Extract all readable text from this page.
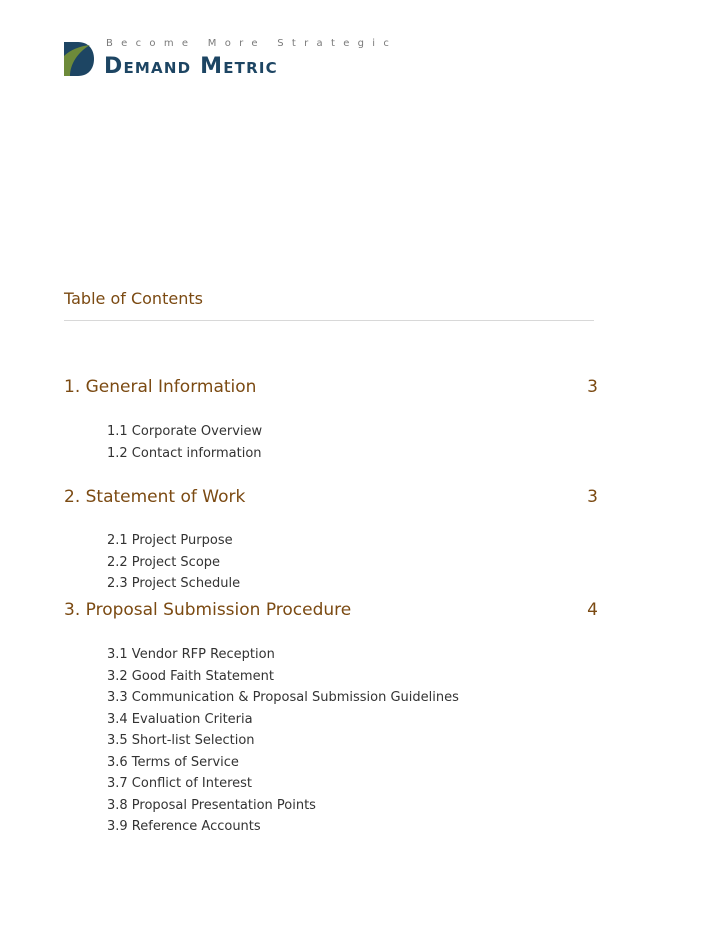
Become More Strategic
Demand Metric
Table of Contents
1. General Information	3
1.1 Corporate Overview
1.2 Contact information
2. Statement of Work	3
2.1 Project Purpose
2.2 Project Scope
2.3 Project Schedule
3. Proposal Submission Procedure	4
3.1 Vendor RFP Reception
3.2 Good Faith Statement
3.3 Communication & Proposal Submission Guidelines
3.4 Evaluation Criteria
3.5 Short-list Selection
3.6 Terms of Service
3.7 Conflict of Interest
3.8 Proposal Presentation Points
3.9 Reference Accounts
